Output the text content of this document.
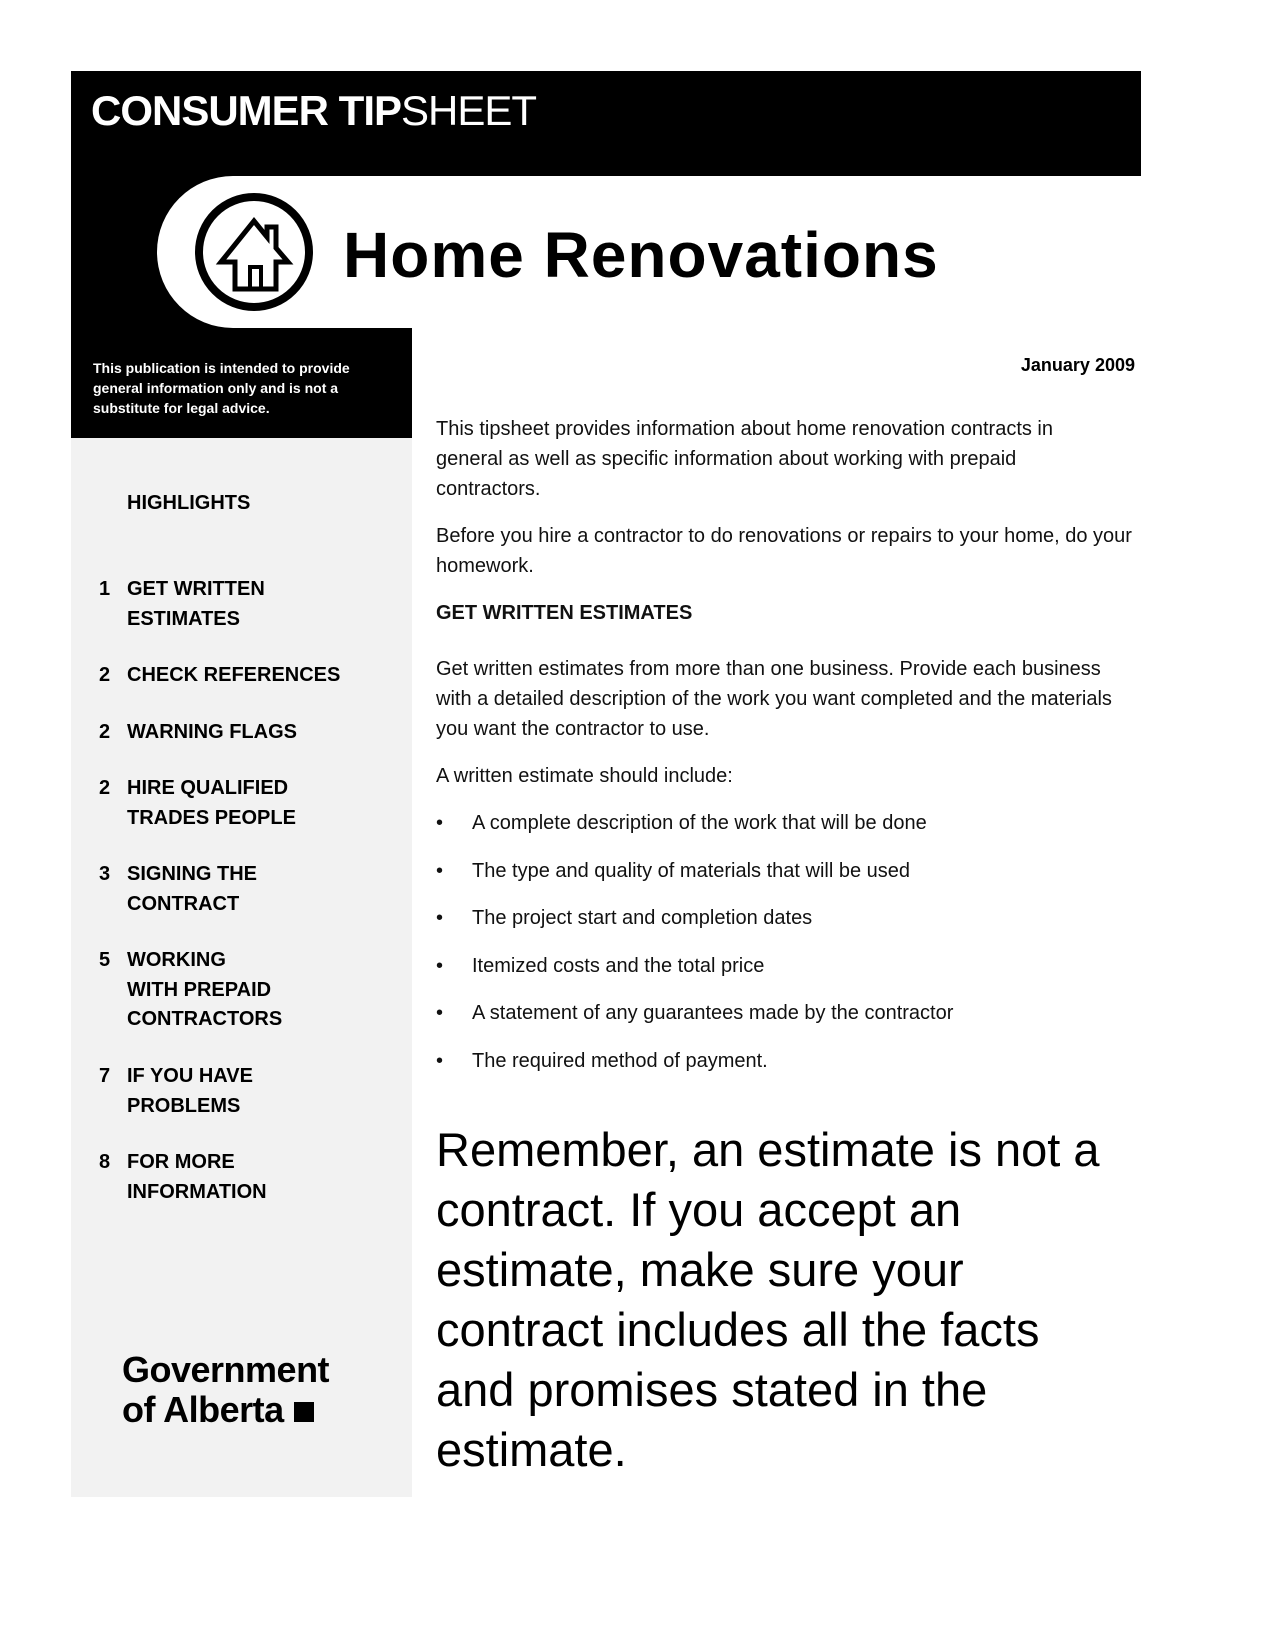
CONSUMER TIPSHEET
Home Renovations
This publication is intended to provide general information only and is not a substitute for legal advice.
HIGHLIGHTS
1 GET WRITTEN
ESTIMATES
2 CHECK REFERENCES
2 WARNING FLAGS
2 HIRE QUALIFIED
TRADES PEOPLE
3 SIGNING THE
CONTRACT
5 WORKING
WITH PREPAID
CONTRACTORS
7 IF YOU HAVE
PROBLEMS
8 FOR MORE
INFORMATION
Government
of Alberta
January 2009

This tipsheet provides information about home renovation contracts in general as well as specific information about working with prepaid contractors.

Before you hire a contractor to do renovations or repairs to your home, do your homework.

GET WRITTEN ESTIMATES

Get written estimates from more than one business. Provide each business with a detailed description of the work you want completed and the materials you want the contractor to use.

A written estimate should include:

•	A complete description of the work that will be done
•	The type and quality of materials that will be used
•	The project start and completion dates
•	Itemized costs and the total price
•	A statement of any guarantees made by the contractor
•	The required method of payment.
Remember, an estimate is not a contract. If you accept an estimate, make sure your contract includes all the facts and promises stated in the estimate.
